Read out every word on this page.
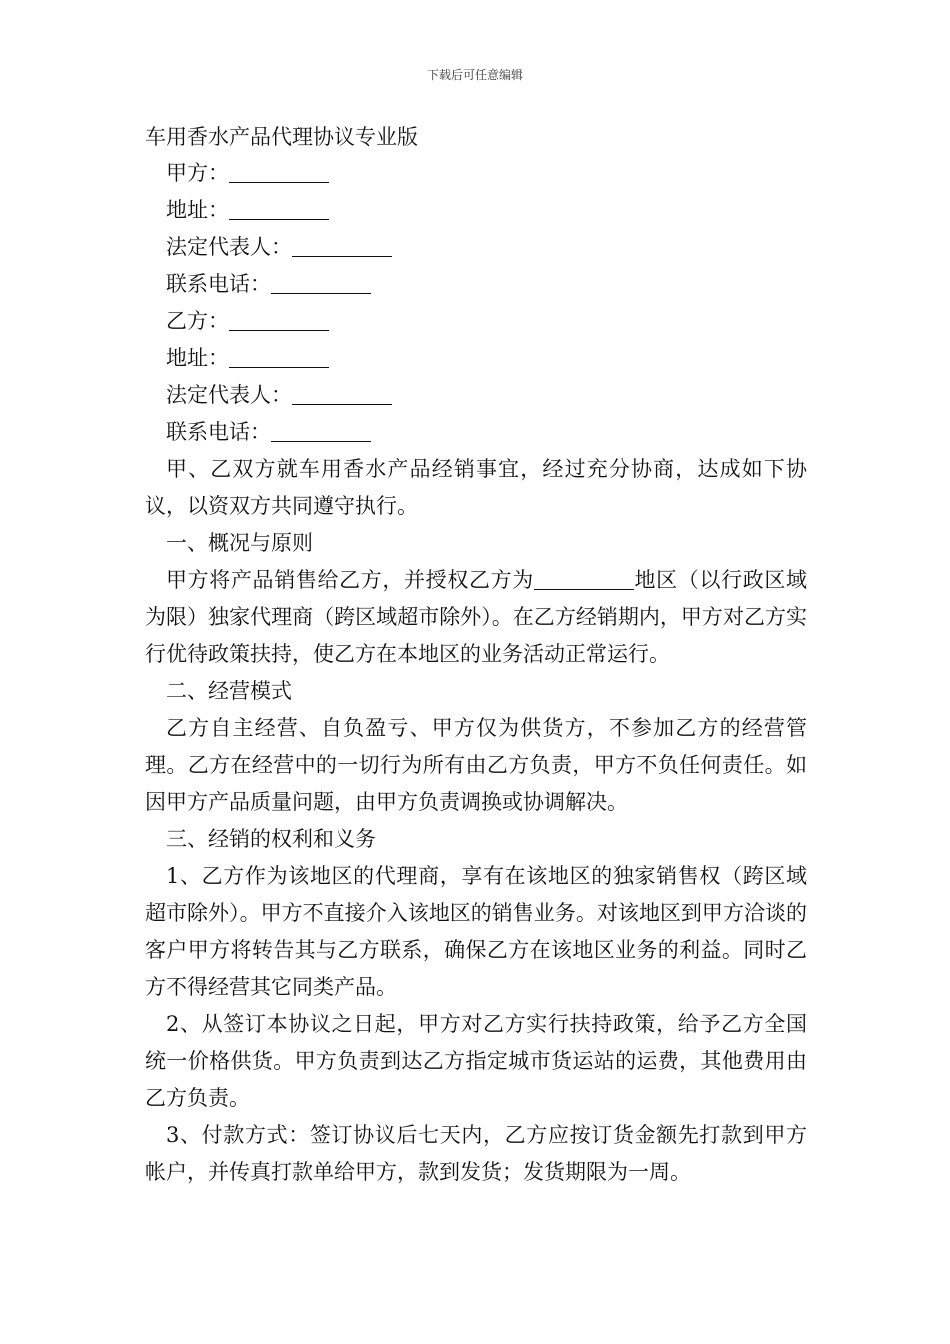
下载后可任意编辑
车用香水产品代理协议专业版
甲方：
地址：
法定代表人：
联系电话：
乙方：
地址：
法定代表人：
联系电话：

甲、乙双方就车用香水产品经销事宜，经过充分协商，达成如下协议，以资双方共同遵守执行。

一、概况与原则

甲方将产品销售给乙方，并授权乙方为	地区（以行政区域为限）独家代理商（跨区域超市除外）。在乙方经销期内，甲方对乙方实行优待政策扶持，使乙方在本地区的业务活动正常运行。

二、经营模式

乙方自主经营、自负盈亏、甲方仅为供货方，不参加乙方的经营管理。乙方在经营中的一切行为所有由乙方负责，甲方不负任何责任。如因甲方产品质量问题，由甲方负责调换或协调解决。

三、经销的权利和义务

1、乙方作为该地区的代理商，享有在该地区的独家销售权（跨区域超市除外）。甲方不直接介入该地区的销售业务。对该地区到甲方洽谈的客户甲方将转告其与乙方联系，确保乙方在该地区业务的利益。同时乙方不得经营其它同类产品。

2、从签订本协议之日起，甲方对乙方实行扶持政策，给予乙方全国统一价格供货。甲方负责到达乙方指定城市货运站的运费，其他费用由乙方负责。

3、付款方式：签订协议后七天内，乙方应按订货金额先打款到甲方帐户，并传真打款单给甲方，款到发货；发货期限为一周。
